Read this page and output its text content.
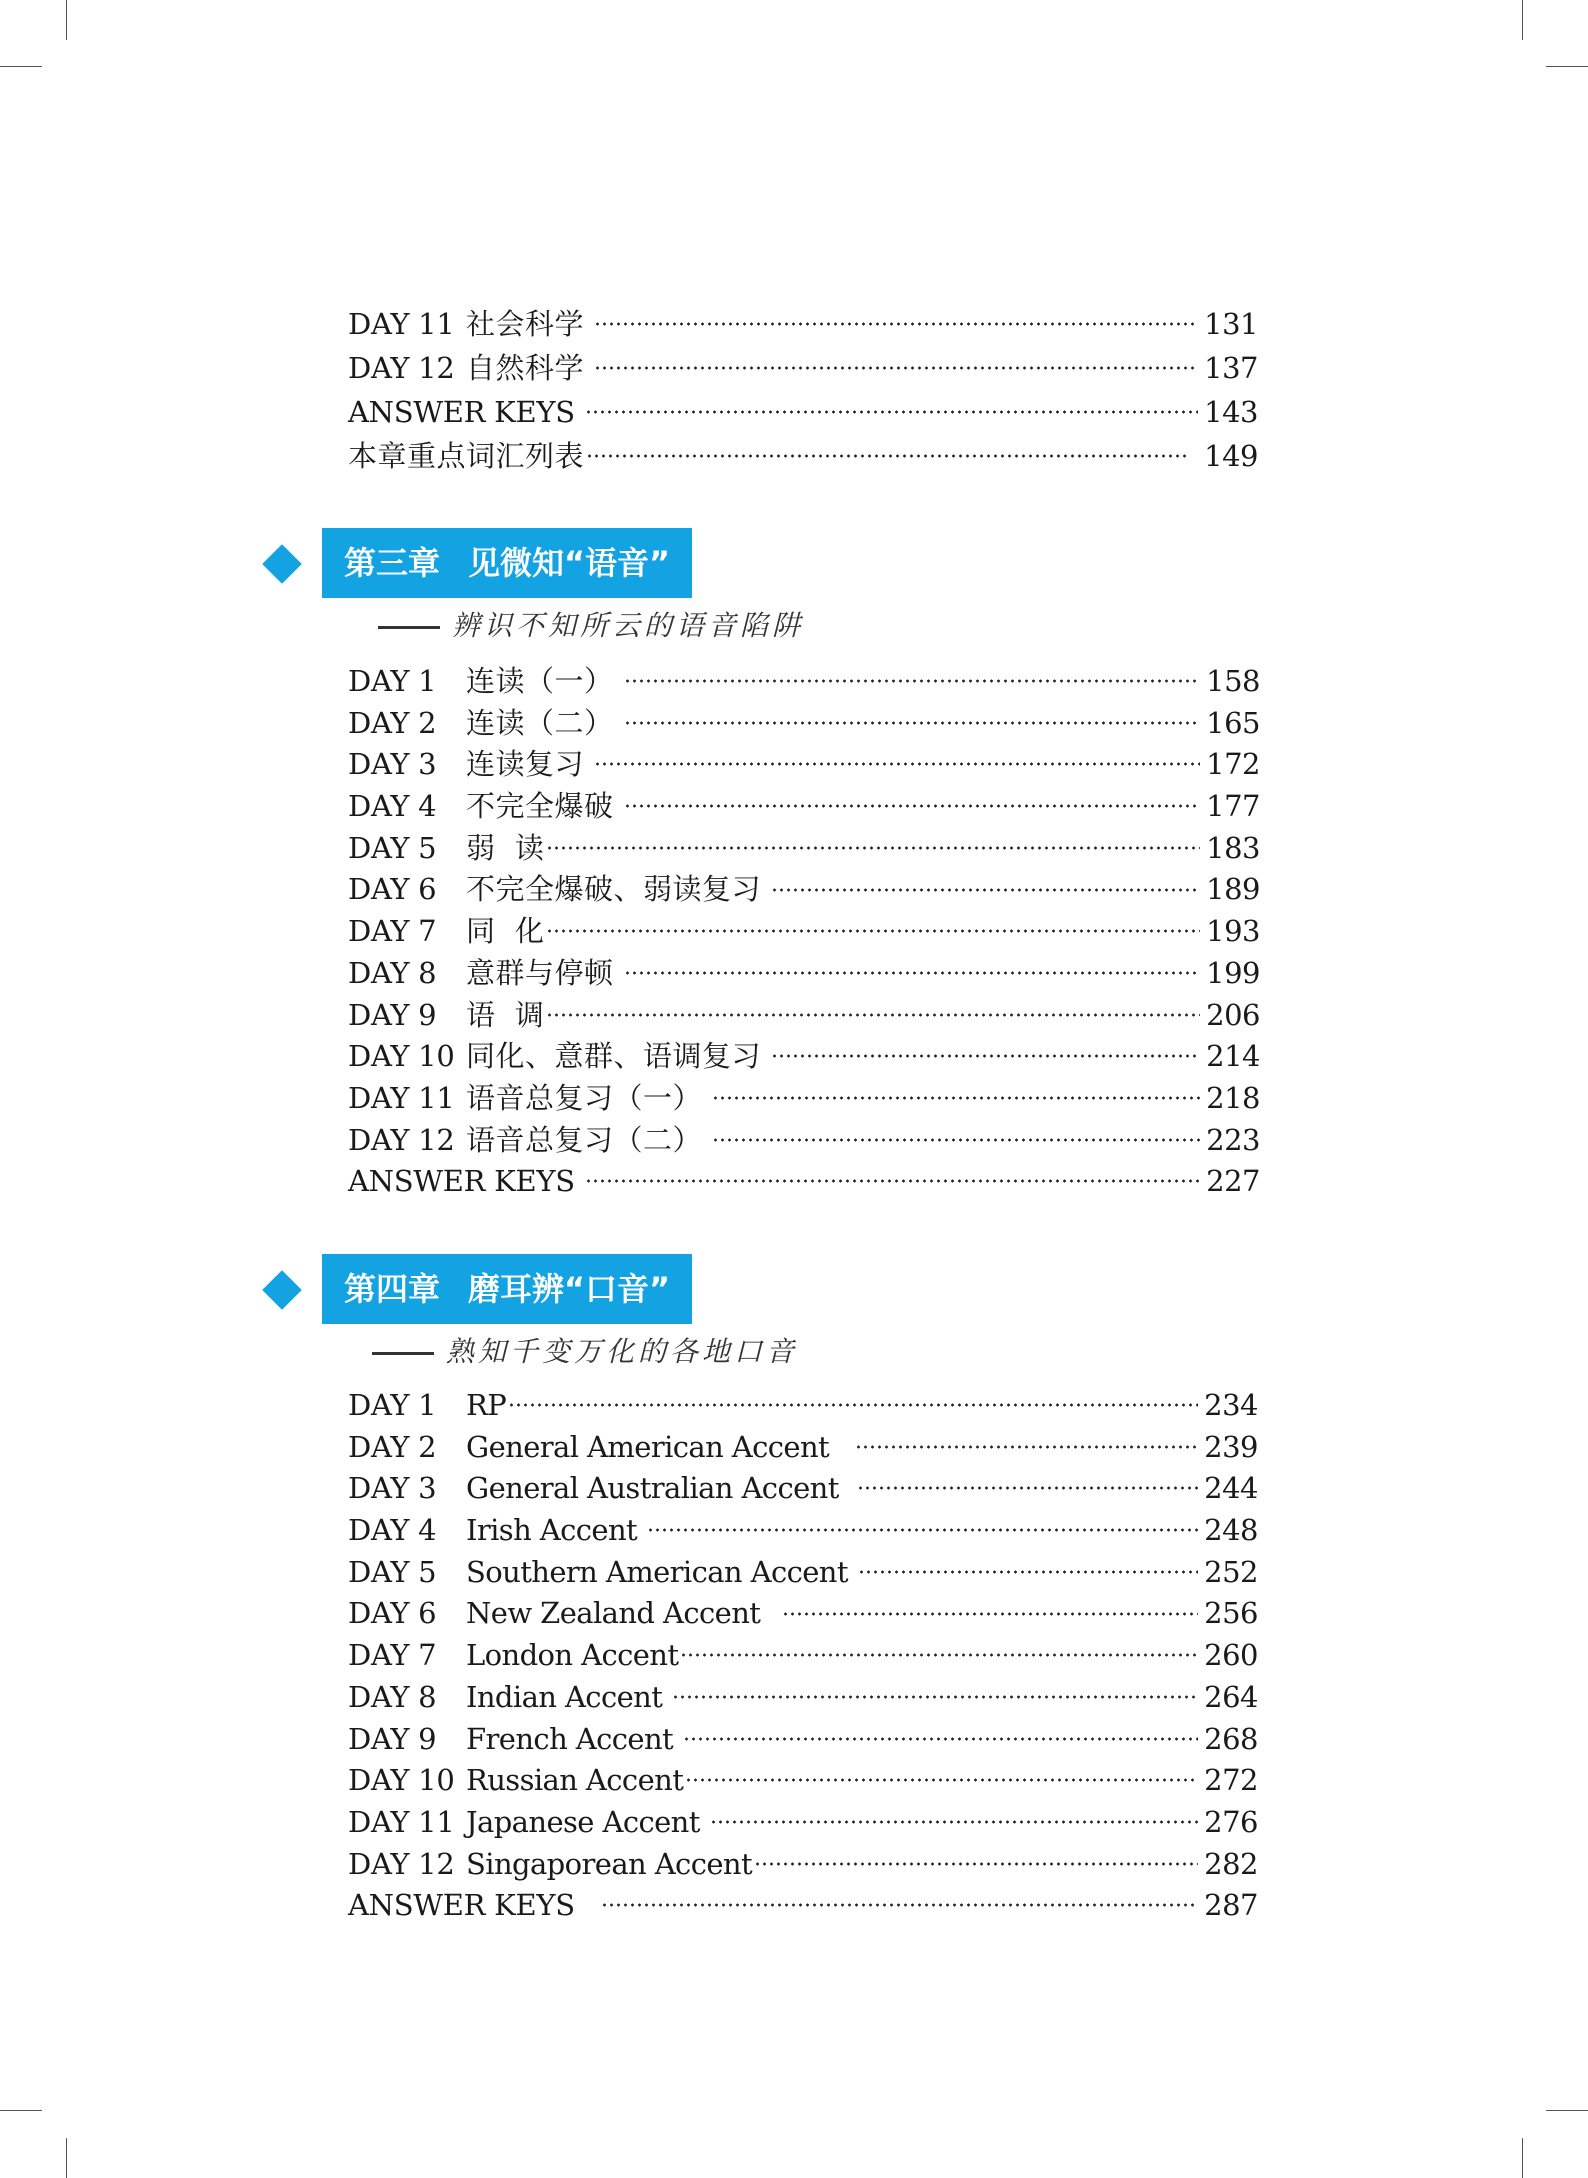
DAY 11 社会科学	131
DAY 12 自然科学	137
ANSWER KEYS	143
本章重点词汇列表	149
第三章 见微知“语音”
辨识不知所云的语音陷阱
DAY 1	连读（一）	158
DAY 2	连读（二）	165
DAY 3	连读复习	172
DAY 4	不完全爆破	177
DAY 5	弱  读	183
DAY 6	不完全爆破、弱读复习	189
DAY 7	同  化	193
DAY 8	意群与停顿	199
DAY 9	语  调	206
DAY 10 同化、意群、语调复习	214
DAY 11 语音总复习（一）	218
DAY 12 语音总复习（二）	223
ANSWER KEYS	227
第四章 磨耳辨“口音”
熟知千变万化的各地口音
DAY 1	RP	234
DAY 2	General American Accent	239
DAY 3	General Australian Accent	244
DAY 4	Irish Accent	248
DAY 5	Southern American Accent	252
DAY 6	New Zealand Accent	256
DAY 7	London Accent	260
DAY 8	Indian Accent	264
DAY 9	French Accent	268
DAY 10 Russian Accent	272
DAY 11 Japanese Accent	276
DAY 12 Singaporean Accent	282
ANSWER KEYS	287
